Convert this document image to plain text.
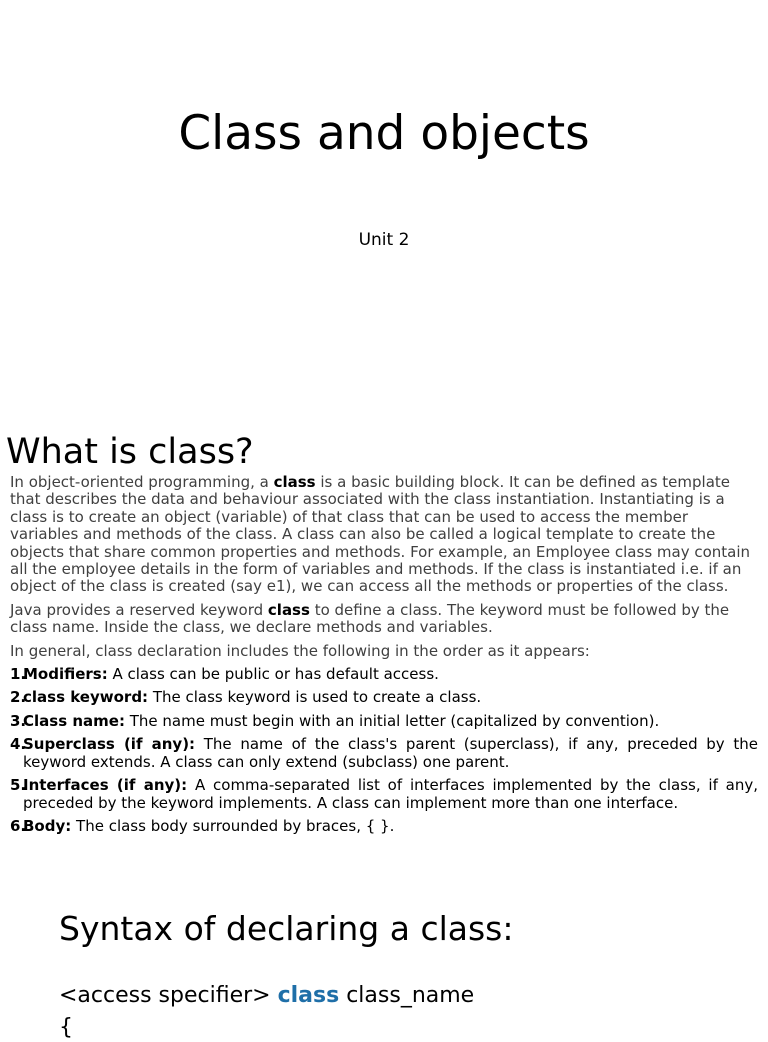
Class and objects
Unit 2
What is class?

In object-oriented programming, a class is a basic building block. It can be defined as template that describes the data and behaviour associated with the class instantiation. Instantiating is a class is to create an object (variable) of that class that can be used to access the member variables and methods of the class. A class can also be called a logical template to create the objects that share common properties and methods. For example, an Employee class may contain all the employee details in the form of variables and methods. If the class is instantiated i.e. if an object of the class is created (say e1), we can access all the methods or properties of the class.

Java provides a reserved keyword class to define a class. The keyword must be followed by the class name. Inside the class, we declare methods and variables.

In general, class declaration includes the following in the order as it appears:

1.
Modifiers: A class can be public or has default access.
2.
class keyword: The class keyword is used to create a class.
3.
Class name: The name must begin with an initial letter (capitalized by convention).
4.
Superclass (if any): The name of the class's parent (superclass), if any, preceded by the keyword extends. A class can only extend (subclass) one parent.
5.
Interfaces (if any): A comma-separated list of interfaces implemented by the class, if any, preceded by the keyword implements. A class can implement more than one interface.
6.
Body: The class body surrounded by braces, { }.
Syntax of declaring a class:
<access specifier> class class_name
{
